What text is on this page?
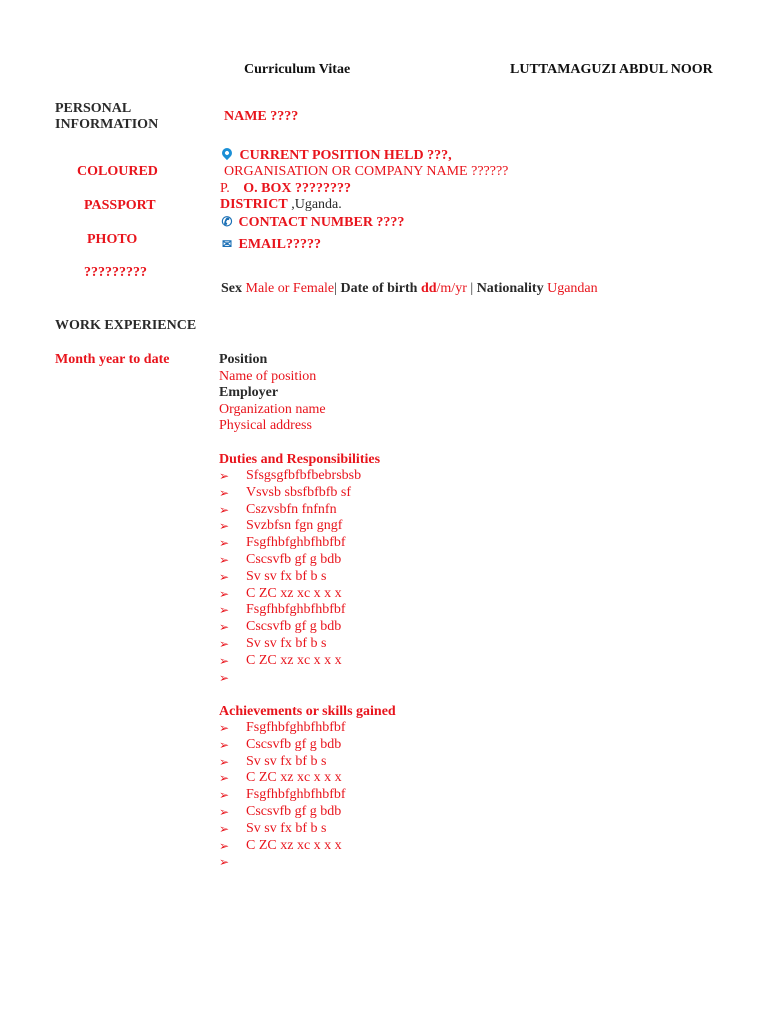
Curriculum Vitae	LUTTAMAGUZI ABDUL NOOR
PERSONAL
INFORMATION
COLOURED
PASSPORT
PHOTO
?????????
NAME ????
CURRENT POSITION HELD ???,
ORGANISATION OR COMPANY NAME ??????
P. O. BOX ????????
DISTRICT ,Uganda.
✆ CONTACT NUMBER ????
✉ EMAIL?????
Sex Male or Female| Date of birth dd/m/yr | Nationality Ugandan
WORK EXPERIENCE
Month year to date	Position
Name of position
Employer
Organization name
Physical address
Duties and Responsibilities
➢ Sfsgsgfbfbfbebrsbsb
➢ Vsvsb sbsfbfbfb sf
➢ Cszvsbfn fnfnfn
➢ Svzbfsn fgn gngf
➢ Fsgfhbfghbfhbfbf
➢ Cscsvfb gf g bdb
➢ Sv sv fx bf b s
➢ C ZC xz xc x x x
➢ Fsgfhbfghbfhbfbf
➢ Cscsvfb gf g bdb
➢ Sv sv fx bf b s
➢ C ZC xz xc x x x
➢
Achievements or skills gained
➢ Fsgfhbfghbfhbfbf
➢ Cscsvfb gf g bdb
➢ Sv sv fx bf b s
➢ C ZC xz xc x x x
➢ Fsgfhbfghbfhbfbf
➢ Cscsvfb gf g bdb
➢ Sv sv fx bf b s
➢ C ZC xz xc x x x
➢
